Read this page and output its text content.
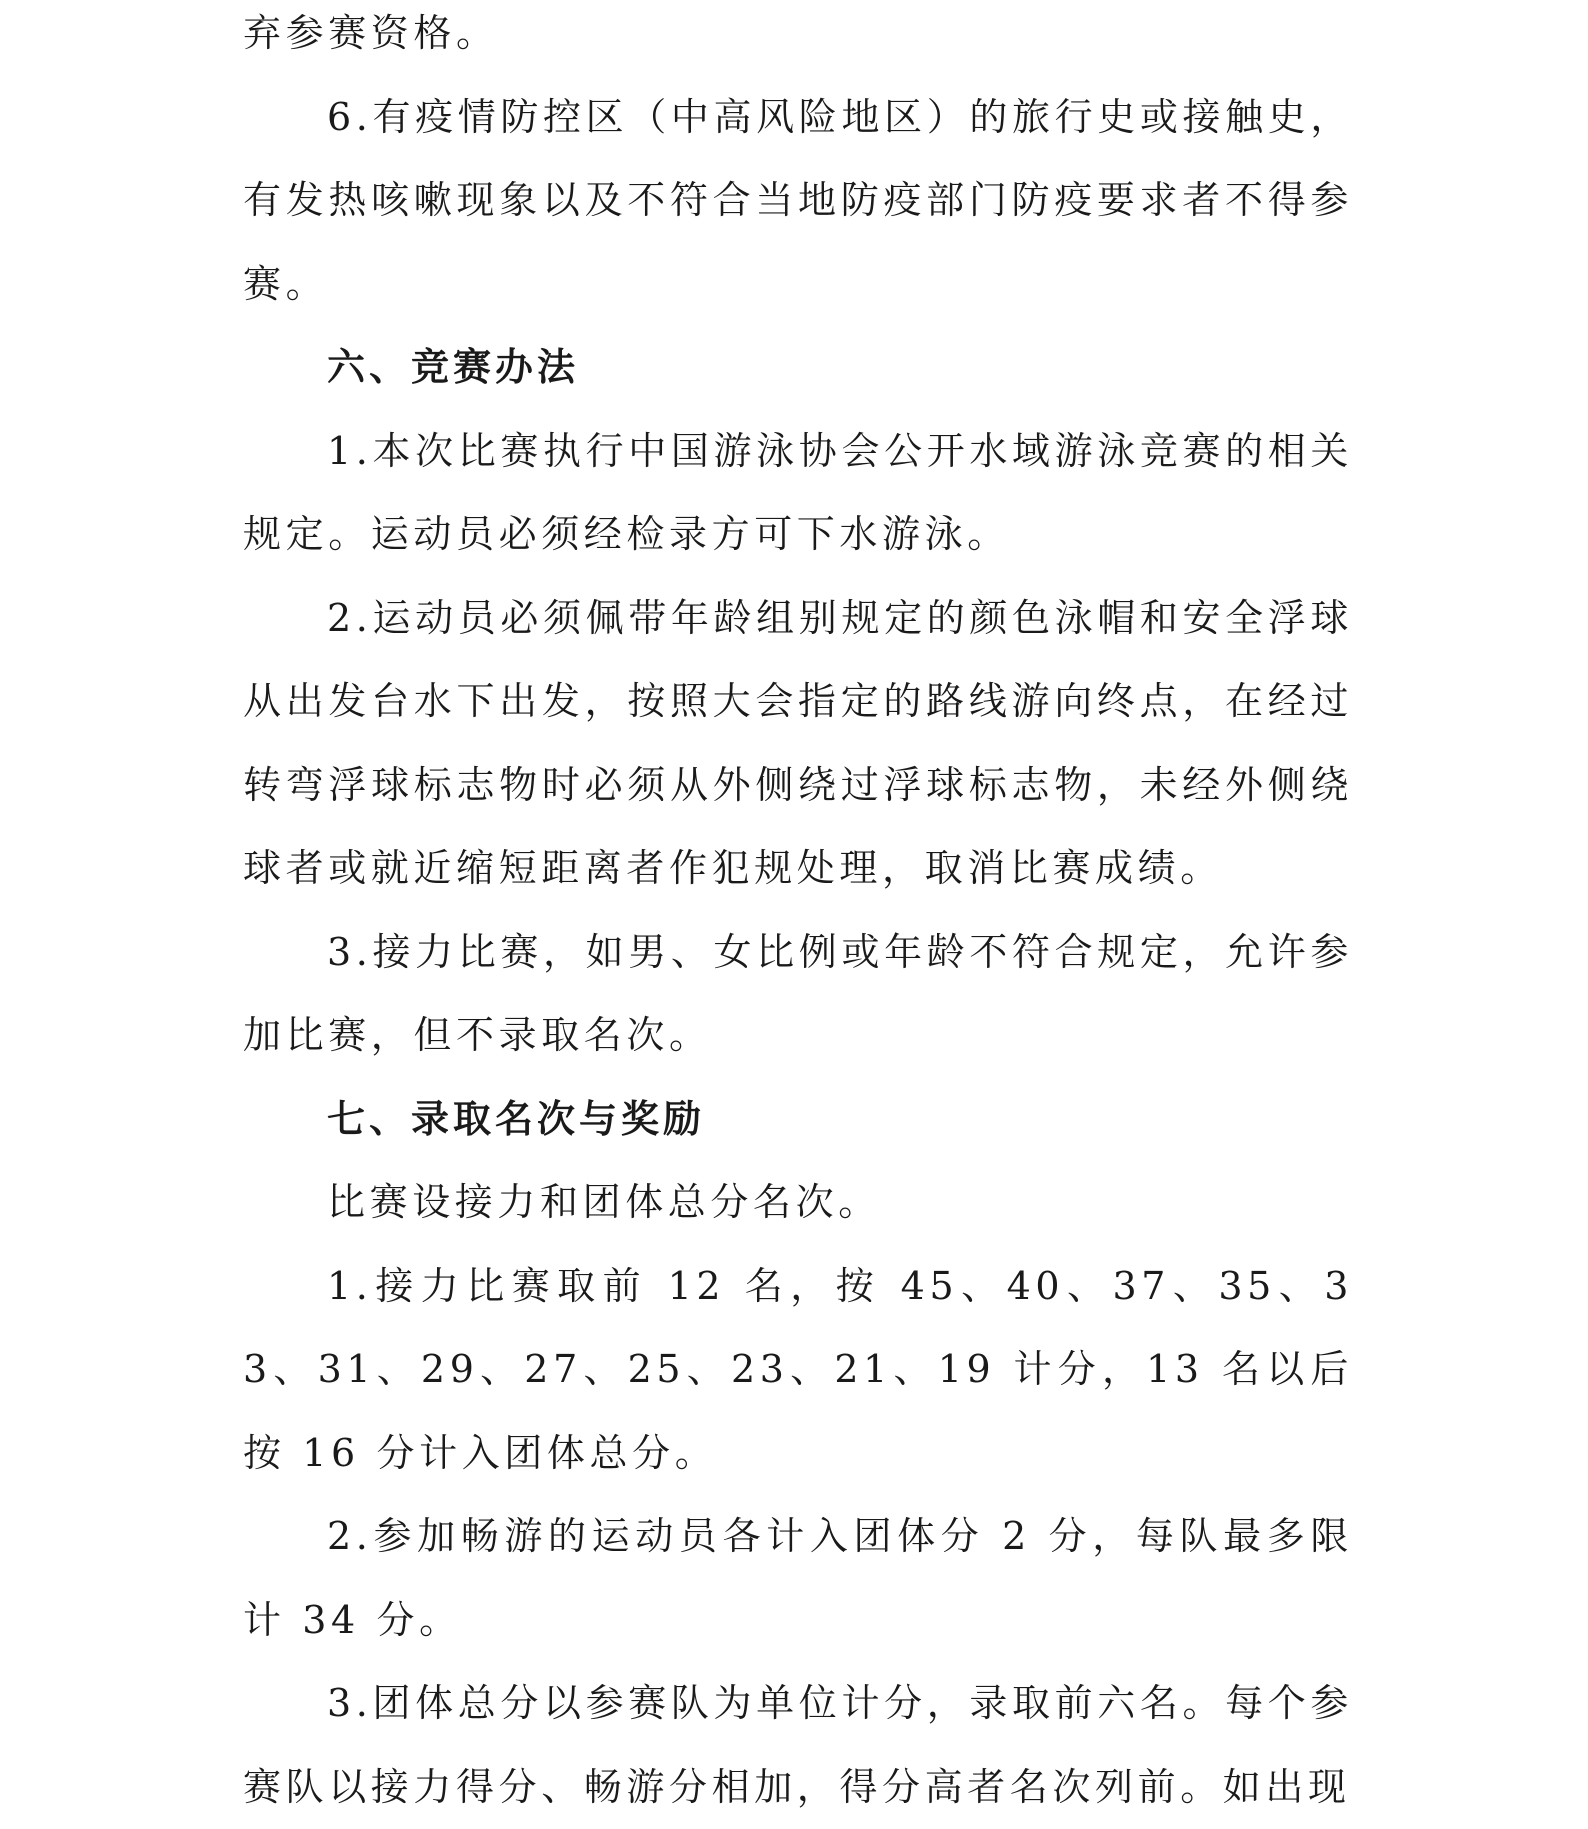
弃参赛资格。

6.有疫情防控区（中高风险地区）的旅行史或接触史，有发热咳嗽现象以及不符合当地防疫部门防疫要求者不得参赛。

六、竞赛办法

1.本次比赛执行中国游泳协会公开水域游泳竞赛的相关规定。运动员必须经检录方可下水游泳。

2.运动员必须佩带年龄组别规定的颜色泳帽和安全浮球从出发台水下出发，按照大会指定的路线游向终点，在经过转弯浮球标志物时必须从外侧绕过浮球标志物，未经外侧绕球者或就近缩短距离者作犯规处理，取消比赛成绩。

3.接力比赛，如男、女比例或年龄不符合规定，允许参加比赛，但不录取名次。

七、录取名次与奖励

比赛设接力和团体总分名次。

1.接力比赛取前 12 名，按 45、40、37、35、33、31、29、27、25、23、21、19 计分，13 名以后按 16 分计入团体总分。

2.参加畅游的运动员各计入团体分 2 分，每队最多限计 34 分。

3.团体总分以参赛队为单位计分，录取前六名。每个参赛队以接力得分、畅游分相加，得分高者名次列前。如出现
